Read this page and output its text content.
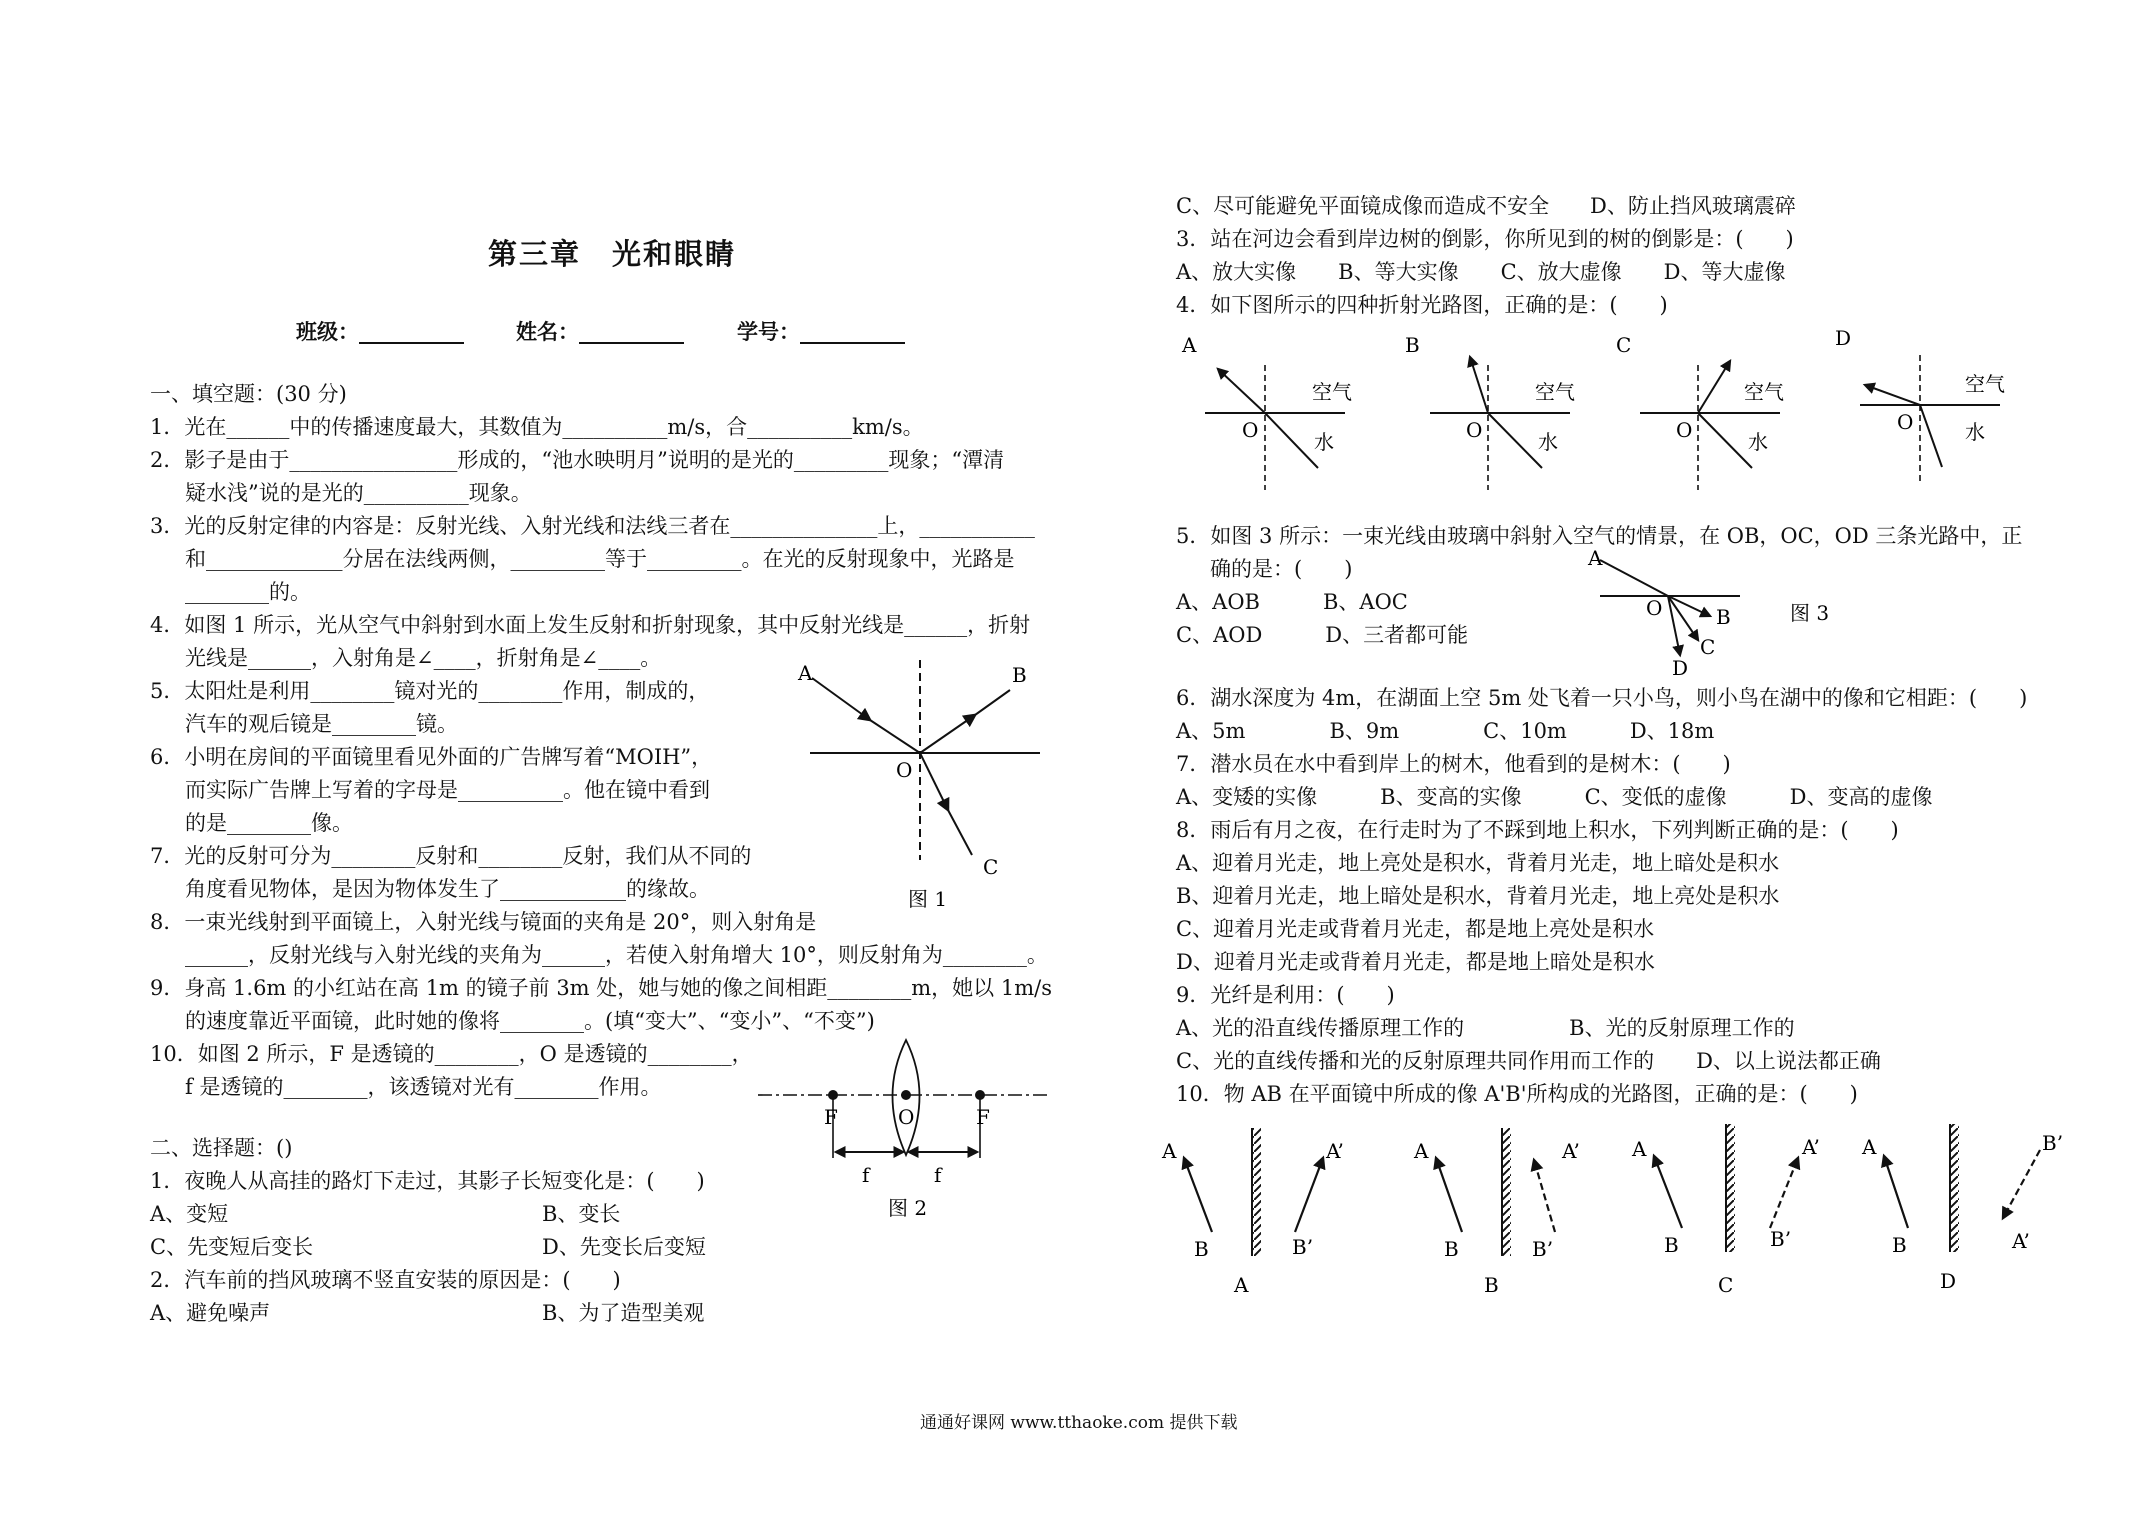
第三章　光和眼睛
班级：__________ 姓名：__________	学号：__________
一、填空题：(30 分)
1．光在______中的传播速度最大，其数值为__________m/s，合__________km/s。
2．影子是由于________________形成的，“池水映明月”说明的是光的_________现象；“潭清
疑水浅”说的是光的__________现象。
3．光的反射定律的内容是：反射光线、入射光线和法线三者在______________上，___________
和_____________分居在法线两侧，_________等于_________。在光的反射现象中，光路是
________的。
4．如图 1 所示，光从空气中斜射到水面上发生反射和折射现象，其中反射光线是______，折射
光线是______，入射角是∠____，折射角是∠____。
5．太阳灶是利用________镜对光的________作用，制成的，
汽车的观后镜是________镜。
6．小明在房间的平面镜里看见外面的广告牌写着“MOIH”，
而实际广告牌上写着的字母是__________。他在镜中看到
的是________像。
7．光的反射可分为________反射和________反射，我们从不同的
角度看见物体，是因为物体发生了____________的缘故。
8．一束光线射到平面镜上，入射光线与镜面的夹角是 20°，则入射角是
______，反射光线与入射光线的夹角为______，若使入射角增大 10°，则反射角为________。
9．身高 1.6m 的小红站在高 1m 的镜子前 3m 处，她与她的像之间相距________m，她以 1m/s
的速度靠近平面镜，此时她的像将________。(填“变大”、“变小”、“不变”)
10．如图 2 所示，F 是透镜的________，O 是透镜的________，
f 是透镜的________，该透镜对光有________作用。
二、选择题：()
1．夜晚人从高挂的路灯下走过，其影子长短变化是：(　　)
A、变短	B、变长
C、先变短后变长	D、先变长后变短
2．汽车前的挡风玻璃不竖直安装的原因是：(　　)
A、避免噪声	B、为了造型美观
A	B
C
O
图 1
F	O	F
f	f
图 2
C、尽可能避免平面镜成像而造成不安全 D、防止挡风玻璃震碎
3．站在河边会看到岸边树的倒影，你所见到的树的倒影是：(　　)
A、放大实像　　B、等大实像　　C、放大虚像　　D、等大虚像
4．如下图所示的四种折射光路图，正确的是：(　　)
A
空气
水
O
B
空气
水
O
C
空气
水
O
D
空气
水
O
5．如图 3 所示：一束光线由玻璃中斜射入空气的情景，在 OB，OC，OD 三条光路中，正
确的是：(　　)
A、AOB　　　B、AOC
C、AOD　　　D、三者都可能
A
O	B
C
D
图 3
6．湖水深度为 4m，在湖面上空 5m 处飞着一只小鸟，则小鸟在湖中的像和它相距：(　　)
A、5m　　　　B、9m　　　　C、10m　　　D、18m
7．潜水员在水中看到岸上的树木，他看到的是树木：(　　)
A、变矮的实像　　　B、变高的实像　　　C、变低的虚像　　　D、变高的虚像
8．雨后有月之夜，在行走时为了不踩到地上积水，下列判断正确的是：(　　)
A、迎着月光走，地上亮处是积水，背着月光走，地上暗处是积水
B、迎着月光走，地上暗处是积水，背着月光走，地上亮处是积水
C、迎着月光走或背着月光走，都是地上亮处是积水
D、迎着月光走或背着月光走，都是地上暗处是积水
9．光纤是利用：(　　)
A、光的沿直线传播原理工作的　　　　　B、光的反射原理工作的
C、光的直线传播和光的反射原理共同作用而工作的　　D、以上说法都正确
10．物 AB 在平面镜中所成的像 A'B'所构成的光路图，正确的是：(　　)
A
B
A’
B’
A
A
B
A’
B’
B
A
B
A’
B’
C
A
B
B’
A’
D
通通好课网 www.tthaoke.com 提供下载
